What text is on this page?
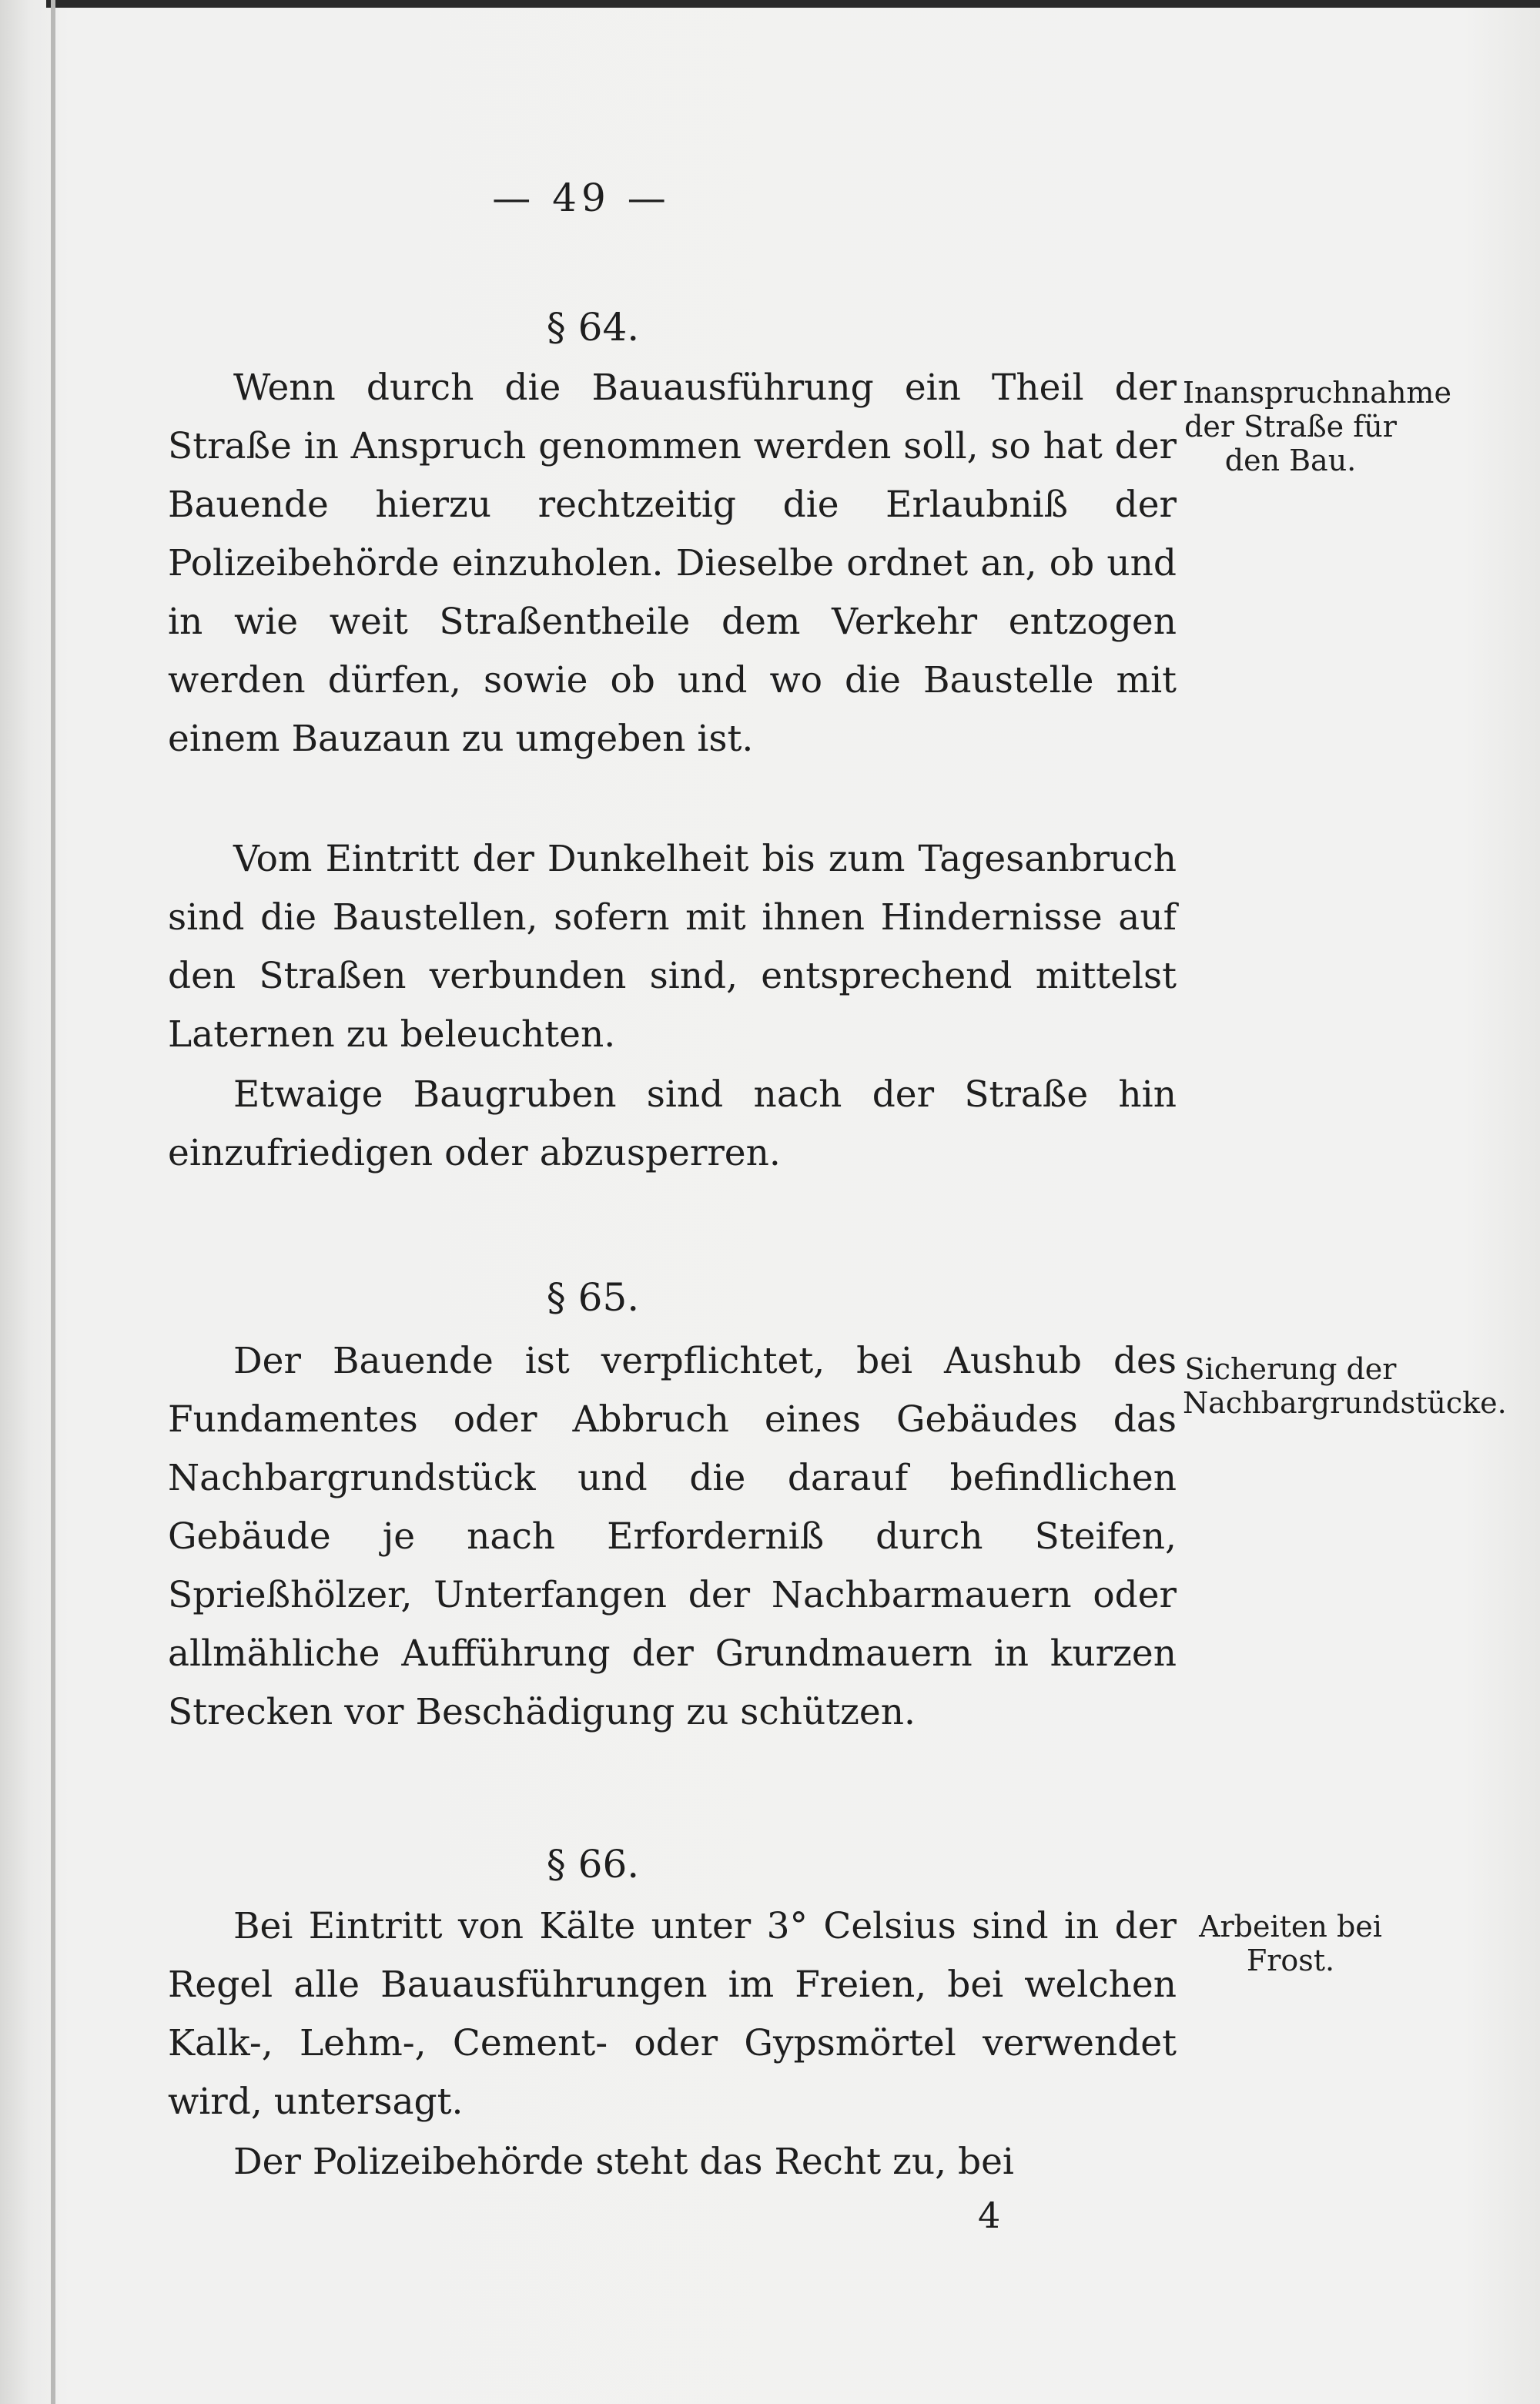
— 49 —
§ 64.
Inanspruchnahme der Straße für den Bau.
Wenn durch die Bauausführung ein Theil der Straße in Anspruch genommen werden soll, so hat der Bauende hierzu rechtzeitig die Erlaubniß der Polizeibehörde einzuholen. Dieselbe ordnet an, ob und in wie weit Straßentheile dem Verkehr entzogen werden dürfen, sowie ob und wo die Baustelle mit einem Bauzaun zu umgeben ist.
Vom Eintritt der Dunkelheit bis zum Tagesanbruch sind die Baustellen, sofern mit ihnen Hindernisse auf den Straßen verbunden sind, entsprechend mittelst Laternen zu beleuchten.
Etwaige Baugruben sind nach der Straße hin einzufriedigen oder abzusperren.
§ 65.
Sicherung der Nachbargrundstücke.
Der Bauende ist verpflichtet, bei Aushub des Fundamentes oder Abbruch eines Gebäudes das Nachbargrundstück und die darauf befindlichen Gebäude je nach Erforderniß durch Steifen, Sprießhölzer, Unterfangen der Nachbarmauern oder allmähliche Aufführung der Grundmauern in kurzen Strecken vor Beschädigung zu schützen.
§ 66.
Arbeiten bei Frost.
Bei Eintritt von Kälte unter 3° Celsius sind in der Regel alle Bauausführungen im Freien, bei welchen Kalk-, Lehm-, Cement- oder Gypsmörtel verwendet wird, untersagt.
Der Polizeibehörde steht das Recht zu, bei
4
